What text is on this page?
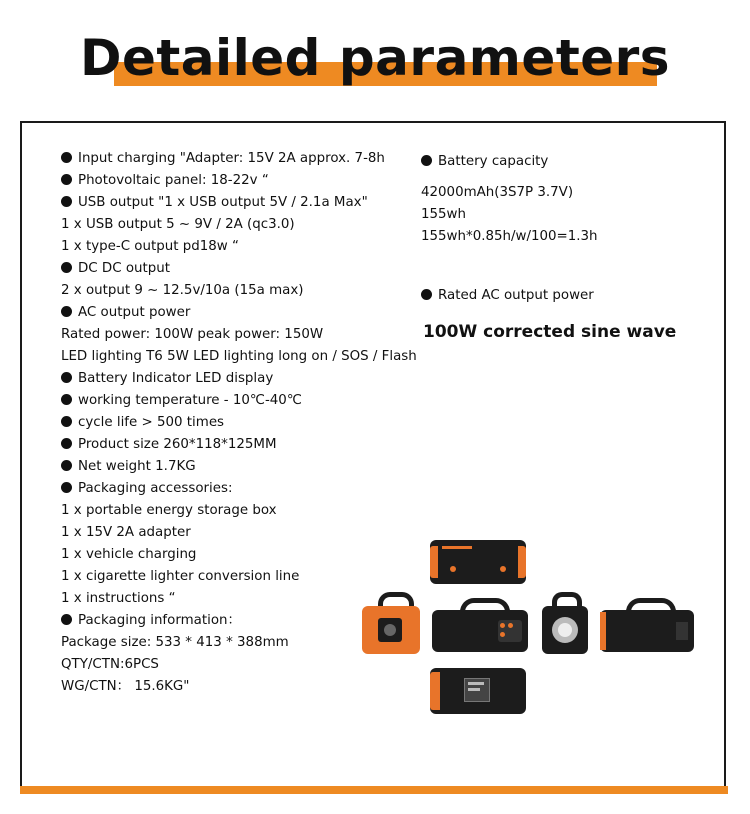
Detailed parameters
Input charging "Adapter: 15V 2A approx. 7-8h
Photovoltaic panel: 18-22v “
USB output "1 x USB output 5V / 2.1a Max"
1 x USB output 5 ~ 9V / 2A (qc3.0)
1 x type-C output pd18w “
DC DC output
2 x output 9 ~ 12.5v/10a (15a max)
AC output power
Rated power: 100W peak power: 150W
LED lighting T6 5W LED lighting long on / SOS / Flash
Battery Indicator LED display
working temperature - 10℃-40℃
cycle life > 500 times
Product size 260*118*125MM
Net weight 1.7KG
Packaging accessories:
1 x portable energy storage box
1 x 15V 2A adapter
1 x vehicle charging
1 x cigarette lighter conversion line
1 x instructions “
Packaging information：
Package size: 533 * 413 * 388mm
QTY/CTN:6PCS
WG/CTN： 15.6KG"
Battery capacity
42000mAh(3S7P 3.7V)
155wh
155wh*0.85h/w/100=1.3h
Rated AC output power
100W corrected sine wave
